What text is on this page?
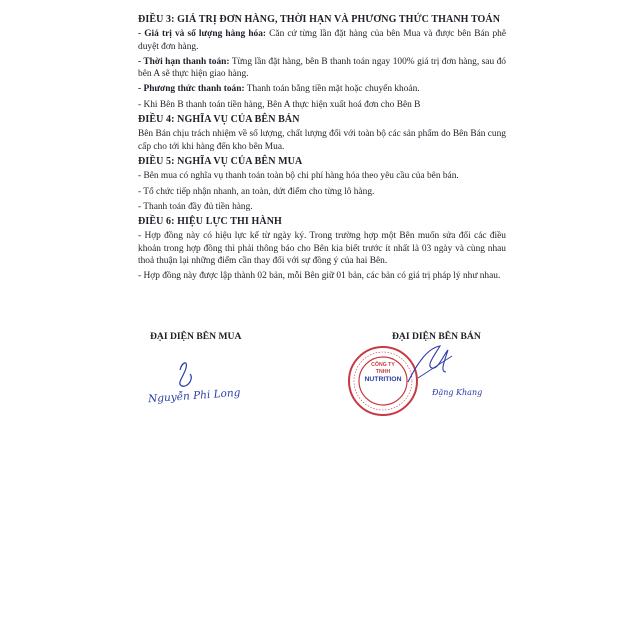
ĐIỀU 3: GIÁ TRỊ ĐƠN HÀNG, THỜI HẠN VÀ PHƯƠNG THỨC THANH TOÁN
- Giá trị và số lượng hàng hóa: Căn cứ từng lần đặt hàng của bên Mua và được bên Bán phê duyệt đơn hàng.
- Thời hạn thanh toán: Từng lần đặt hàng, bên B thanh toán ngay 100% giá trị đơn hàng, sau đó bên A sẽ thực hiện giao hàng.
- Phương thức thanh toán: Thanh toán bằng tiền mặt hoặc chuyển khoản.
- Khi Bên B thanh toán tiền hàng, Bên A thực hiện xuất hoá đơn cho Bên B
ĐIỀU 4: NGHĨA VỤ CỦA BÊN BÁN
Bên Bán chịu trách nhiệm về số lượng, chất lượng đối với toàn bộ các sản phẩm do Bên Bán cung cấp cho tới khi hàng đến kho bên Mua.
ĐIỀU 5: NGHĨA VỤ CỦA BÊN MUA
- Bên mua có nghĩa vụ thanh toán toàn bộ chi phí hàng hóa theo yêu cầu của bên bán.
- Tổ chức tiếp nhận nhanh, an toàn, dứt điểm cho từng lô hàng.
- Thanh toán đầy đủ tiền hàng.
ĐIỀU 6: HIỆU LỰC THI HÀNH
- Hợp đồng này có hiệu lực kể từ ngày ký. Trong trường hợp một Bên muốn sửa đổi các điều khoản trong hợp đồng thì phải thông báo cho Bên kia biết trước ít nhất là 03 ngày và cùng nhau thoả thuận lại những điểm cần thay đổi với sự đồng ý của hai Bên.
- Hợp đồng này được lập thành 02 bản, mỗi Bên giữ 01 bản, các bản có giá trị pháp lý như nhau.
ĐẠI DIỆN BÊN MUA	ĐẠI DIỆN BÊN BÁN
Nguyễn Phi Long
CÔNG TY
TNHH
NUTRITION
Đặng Khang
